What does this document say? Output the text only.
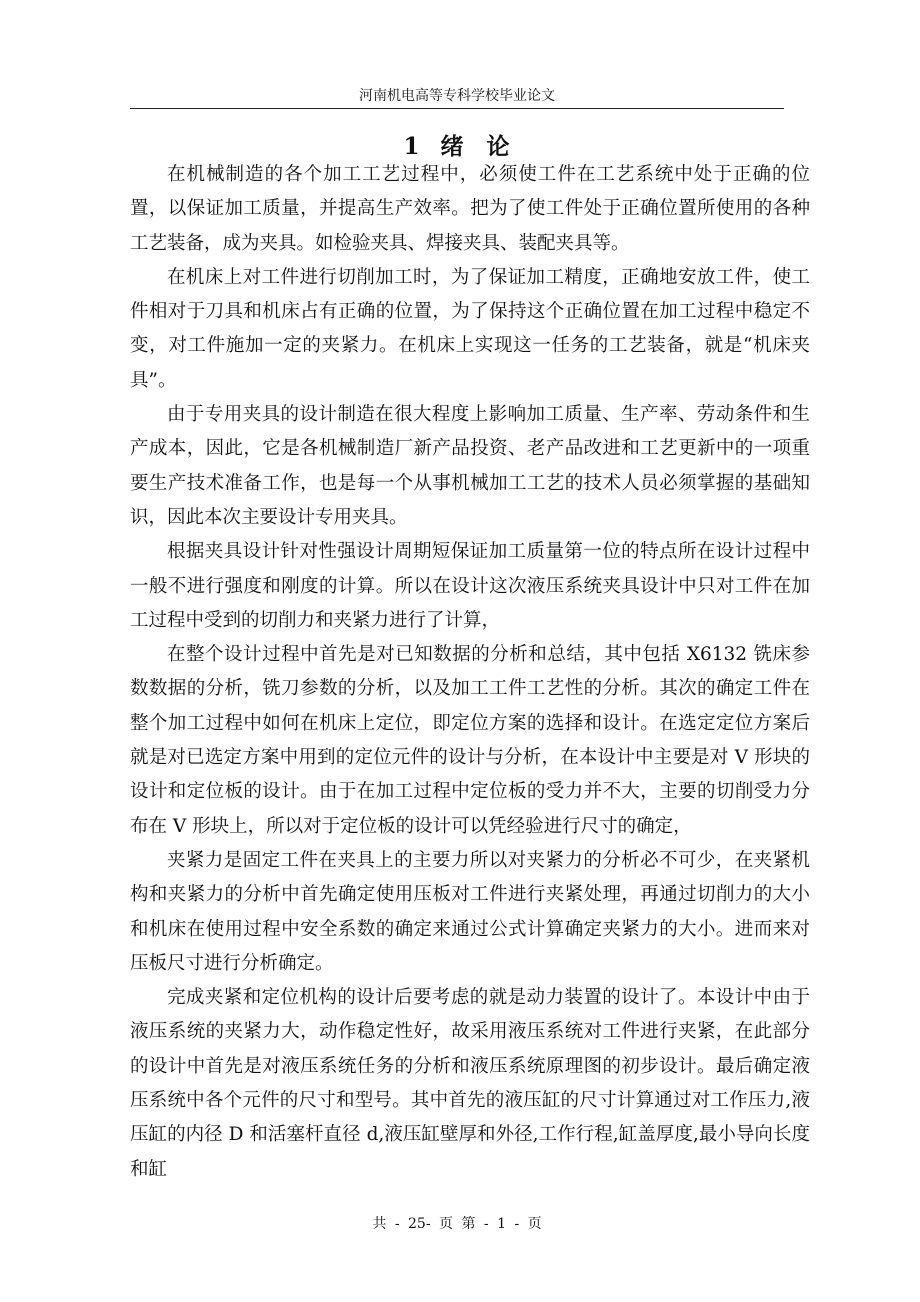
河南机电高等专科学校毕业论文
1 绪 论

在机械制造的各个加工工艺过程中，必须使工件在工艺系统中处于正确的位置，以保证加工质量，并提高生产效率。把为了使工件处于正确位置所使用的各种工艺装备，成为夹具。如检验夹具、焊接夹具、装配夹具等。

在机床上对工件进行切削加工时，为了保证加工精度，正确地安放工件，使工件相对于刀具和机床占有正确的位置，为了保持这个正确位置在加工过程中稳定不变，对工件施加一定的夹紧力。在机床上实现这一任务的工艺装备，就是“机床夹具”。

由于专用夹具的设计制造在很大程度上影响加工质量、生产率、劳动条件和生产成本，因此，它是各机械制造厂新产品投资、老产品改进和工艺更新中的一项重要生产技术准备工作，也是每一个从事机械加工工艺的技术人员必须掌握的基础知识，因此本次主要设计专用夹具。

根据夹具设计针对性强设计周期短保证加工质量第一位的特点所在设计过程中一般不进行强度和刚度的计算。所以在设计这次液压系统夹具设计中只对工件在加工过程中受到的切削力和夹紧力进行了计算，

在整个设计过程中首先是对已知数据的分析和总结，其中包括 X6132 铣床参数数据的分析，铣刀参数的分析，以及加工工件工艺性的分析。其次的确定工件在整个加工过程中如何在机床上定位，即定位方案的选择和设计。在选定定位方案后就是对已选定方案中用到的定位元件的设计与分析，在本设计中主要是对 V 形块的设计和定位板的设计。由于在加工过程中定位板的受力并不大，主要的切削受力分布在 V 形块上，所以对于定位板的设计可以凭经验进行尺寸的确定，

夹紧力是固定工件在夹具上的主要力所以对夹紧力的分析必不可少，在夹紧机构和夹紧力的分析中首先确定使用压板对工件进行夹紧处理，再通过切削力的大小和机床在使用过程中安全系数的确定来通过公式计算确定夹紧力的大小。进而来对压板尺寸进行分析确定。

完成夹紧和定位机构的设计后要考虑的就是动力装置的设计了。本设计中由于液压系统的夹紧力大，动作稳定性好，故采用液压系统对工件进行夹紧，在此部分的设计中首先是对液压系统任务的分析和液压系统原理图的初步设计。最后确定液压系统中各个元件的尺寸和型号。其中首先的液压缸的尺寸计算通过对工作压力,液压缸的内径 D 和活塞杆直径 d,液压缸壁厚和外径,工作行程,缸盖厚度,最小导向长度和缸

共 - 25- 页 第 - 1 - 页
